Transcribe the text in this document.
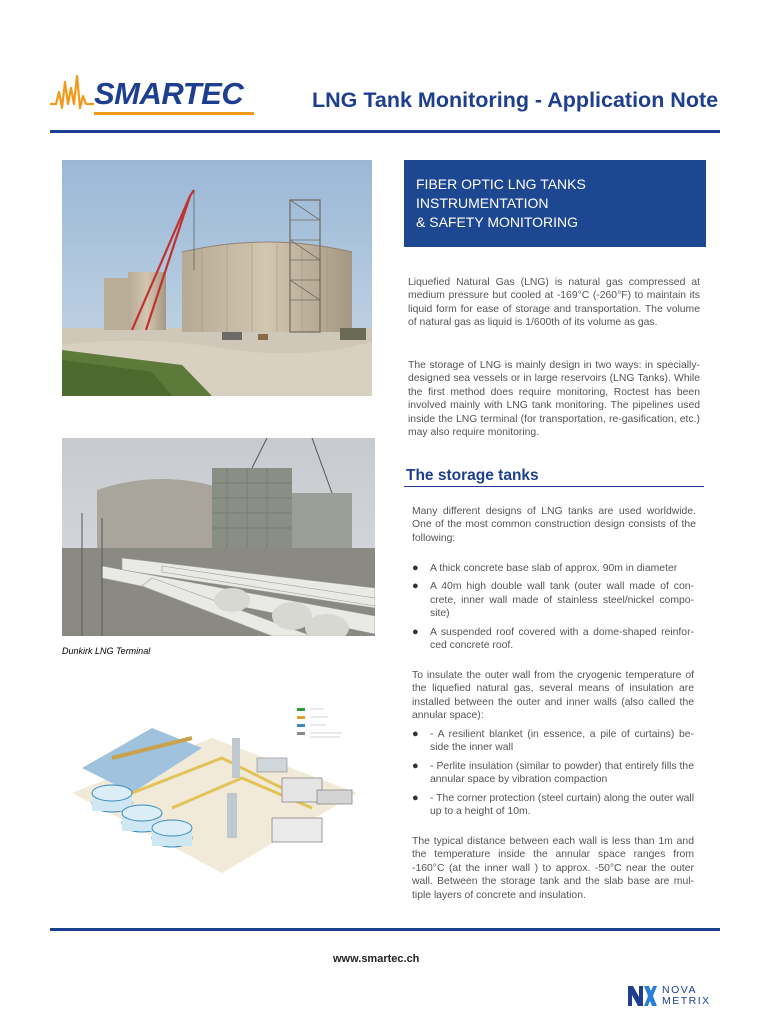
SMARTEC	LNG Tank Monitoring - Application Note
Dunkirk LNG Terminal
FIBER OPTIC LNG TANKS
INSTRUMENTATION
& SAFETY MONITORING
Liquefied Natural Gas (LNG) is natural gas compressed at medium pressure but cooled at -169°C (-260°F) to maintain its liquid form for ease of storage and transportation. The volume of natural gas as liquid is 1/600th of its volume as gas.
The storage of LNG is mainly design in two ways: in specially-designed sea vessels or in large reservoirs (LNG Tanks). While the first method does require monitoring, Roctest has been involved mainly with LNG tank monitoring. The pipelines used inside the LNG terminal (for transportation, re-gasification, etc.) may also require monitoring.
The storage tanks
Many different designs of LNG tanks are used worldwide. One of the most common construction design consists of the following:
● A thick concrete base slab of approx. 90m in diameter
● A 40m high double wall tank (outer wall made of con-crete, inner wall made of stainless steel/nickel compo-site)
● A suspended roof covered with a dome-shaped reinfor-ced concrete roof.
To insulate the outer wall from the cryogenic temperature of the liquefied natural gas, several means of insulation are installed between the outer and inner walls (also called the annular space):
● - A resilient blanket (in essence, a pile of curtains) be-side the inner wall
● - Perlite insulation (similar to powder) that entirely fills the annular space by vibration compaction
● - The corner protection (steel curtain) along the outer wall up to a height of 10m.
The typical distance between each wall is less than 1m and the temperature inside the annular space ranges from -160°C (at the inner wall ) to approx. -50°C near the outer wall. Between the storage tank and the slab base are mul-tiple layers of concrete and insulation.
www.smartec.ch
NOVA
METRIX
